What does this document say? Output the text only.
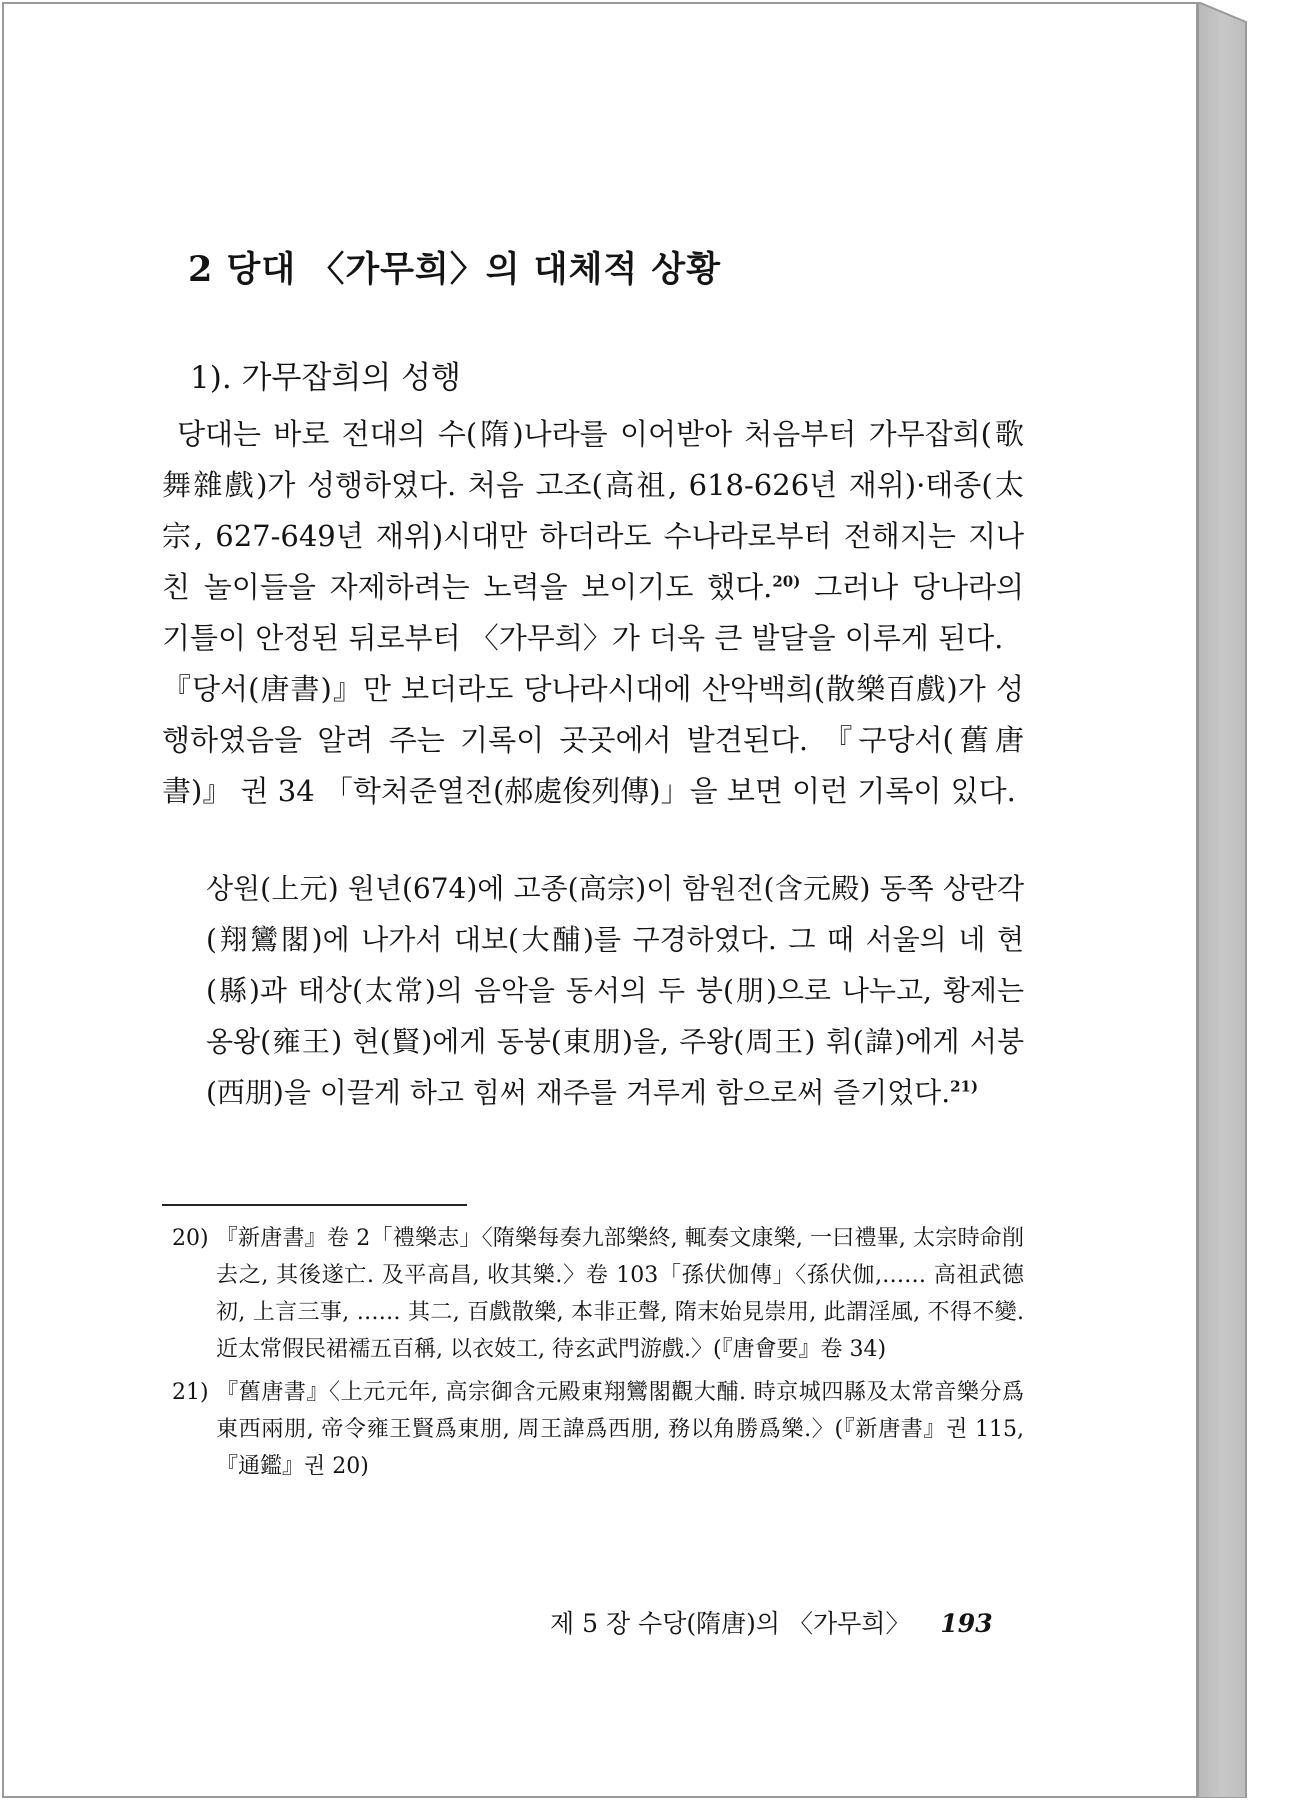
2 당대 〈가무희〉의 대체적 상황

1). 가무잡희의 성행

당대는 바로 전대의 수(隋)나라를 이어받아 처음부터 가무잡희(歌舞雜戲)가 성행하였다. 처음 고조(高祖, 618-626년 재위)·태종(太宗, 627-649년 재위)시대만 하더라도 수나라로부터 전해지는 지나친 놀이들을 자제하려는 노력을 보이기도 했다.$^{20)}$ 그러나 당나라의 기틀이 안정된 뒤로부터 〈가무희〉가 더욱 큰 발달을 이루게 된다.

『당서(唐書)』만 보더라도 당나라시대에 산악백희(散樂百戲)가 성행하였음을 알려 주는 기록이 곳곳에서 발견된다. 『구당서(舊唐書)』 권 34 「학처준열전(郝處俊列傳)」을 보면 이런 기록이 있다.

상원(上元) 원년(674)에 고종(高宗)이 함원전(含元殿) 동쪽 상란각(翔鸞閣)에 나가서 대보(大酺)를 구경하였다. 그 때 서울의 네 현(縣)과 태상(太常)의 음악을 동서의 두 붕(朋)으로 나누고, 황제는 옹왕(雍王) 현(賢)에게 동붕(東朋)을, 주왕(周王) 휘(諱)에게 서붕(西朋)을 이끌게 하고 힘써 재주를 겨루게 함으로써 즐기었다.$^{21)}$

20) 『新唐書』卷 2「禮樂志」〈隋樂每奏九部樂終, 輒奏文康樂, 一曰禮畢, 太宗時命削去之, 其後遂亡. 及平高昌, 收其樂.〉卷 103「孫伏伽傳」〈孫伏伽,…… 高祖武德初, 上言三事, …… 其二, 百戲散樂, 本非正聲, 隋末始見崇用, 此謂淫風, 不得不變. 近太常假民裙襦五百稱, 以衣妓工, 待玄武門游戲.〉(『唐會要』卷 34)

21) 『舊唐書』〈上元元年, 高宗御含元殿東翔鸞閣觀大酺. 時京城四縣及太常音樂分爲東西兩朋, 帝令雍王賢爲東朋, 周王諱爲西朋, 務以角勝爲樂.〉(『新唐書』권 115, 『通鑑』권 20)

제 5 장 수당(隋唐)의 〈가무희〉 193
